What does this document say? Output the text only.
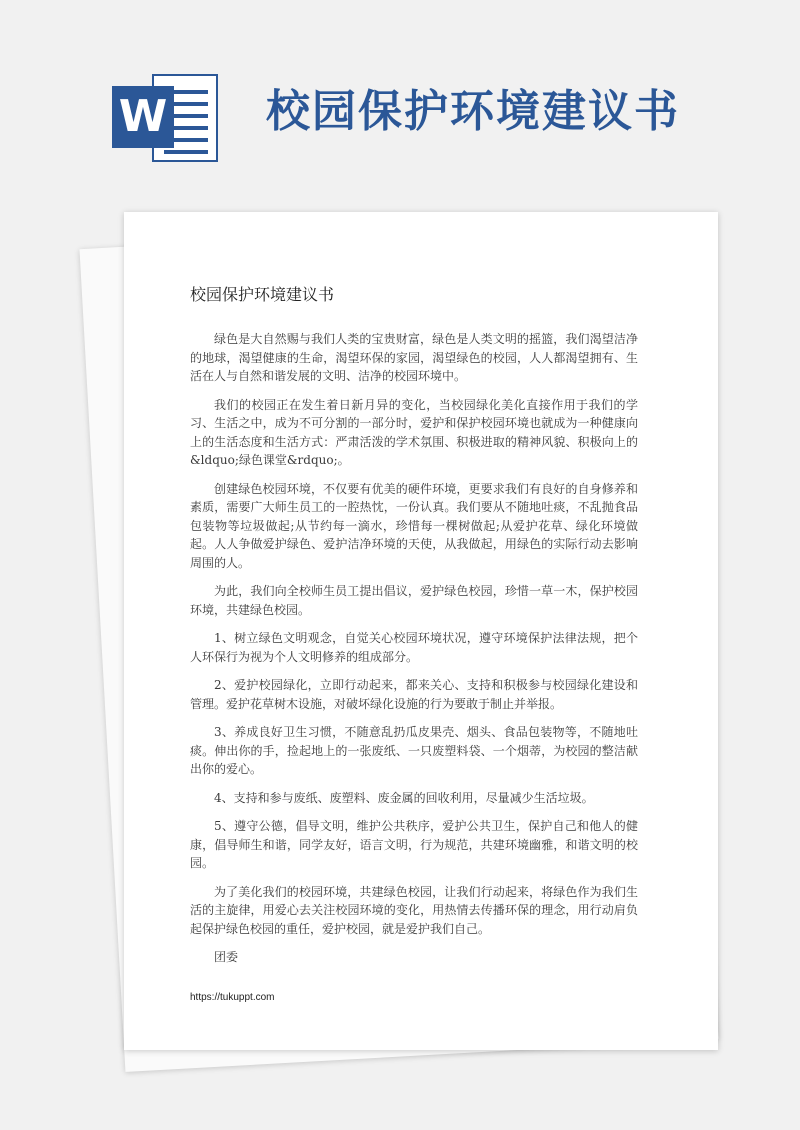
W 校园保护环境建议书
校园保护环境建议书

绿色是大自然赐与我们人类的宝贵财富，绿色是人类文明的摇篮，我们渴望洁净的地球，渴望健康的生命，渴望环保的家园，渴望绿色的校园，人人都渴望拥有、生活在人与自然和谐发展的文明、洁净的校园环境中。

我们的校园正在发生着日新月异的变化，当校园绿化美化直接作用于我们的学习、生活之中，成为不可分割的一部分时，爱护和保护校园环境也就成为一种健康向上的生活态度和生活方式：严肃活泼的学术氛围、积极进取的精神风貌、积极向上的&ldquo;绿色课堂&rdquo;。

创建绿色校园环境，不仅要有优美的硬件环境，更要求我们有良好的自身修养和素质，需要广大师生员工的一腔热忱，一份认真。我们要从不随地吐痰，不乱抛食品包装物等垃圾做起;从节约每一滴水，珍惜每一棵树做起;从爱护花草、绿化环境做起。人人争做爱护绿色、爱护洁净环境的天使，从我做起，用绿色的实际行动去影响周围的人。

为此，我们向全校师生员工提出倡议，爱护绿色校园，珍惜一草一木，保护校园环境，共建绿色校园。

1、树立绿色文明观念，自觉关心校园环境状况，遵守环境保护法律法规，把个人环保行为视为个人文明修养的组成部分。

2、爱护校园绿化，立即行动起来，都来关心、支持和积极参与校园绿化建设和管理。爱护花草树木设施，对破坏绿化设施的行为要敢于制止并举报。

3、养成良好卫生习惯，不随意乱扔瓜皮果壳、烟头、食品包装物等，不随地吐痰。伸出你的手，捡起地上的一张废纸、一只废塑料袋、一个烟蒂，为校园的整洁献出你的爱心。

4、支持和参与废纸、废塑料、废金属的回收利用，尽量减少生活垃圾。

5、遵守公德，倡导文明，维护公共秩序，爱护公共卫生，保护自己和他人的健康，倡导师生和谐，同学友好，语言文明，行为规范，共建环境幽雅，和谐文明的校园。

为了美化我们的校园环境，共建绿色校园，让我们行动起来，将绿色作为我们生活的主旋律，用爱心去关注校园环境的变化，用热情去传播环保的理念，用行动肩负起保护绿色校园的重任，爱护校园，就是爱护我们自己。

团委

https://tukuppt.com
